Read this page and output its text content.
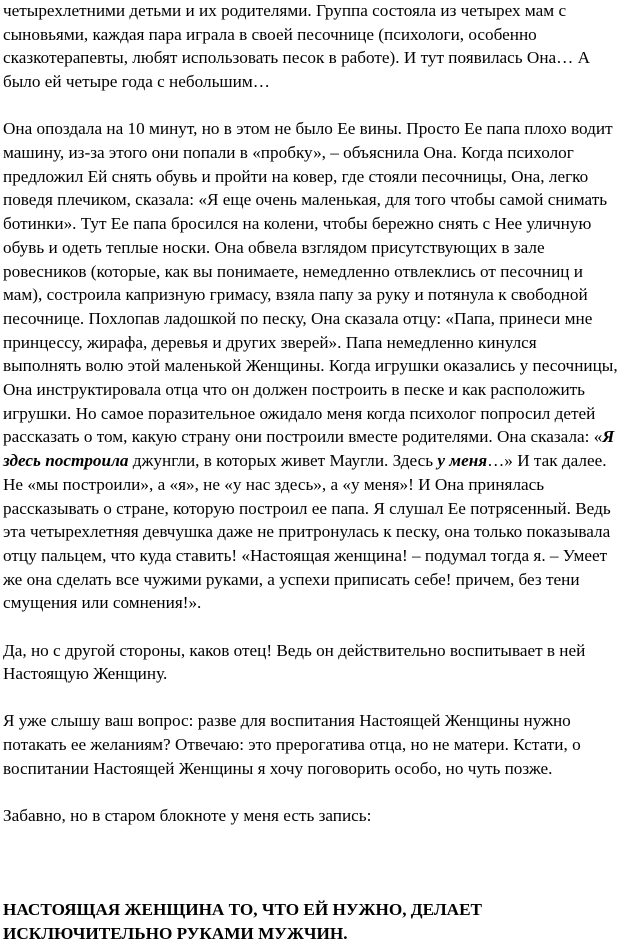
четырехлетними детьми и их родителями. Группа состояла из четырех мам с сыновьями, каждая пара играла в своей песочнице (психологи, особенно сказкотерапевты, любят использовать песок в работе). И тут появилась Она… А было ей четыре года с небольшим…

Она опоздала на 10 минут, но в этом не было Ее вины. Просто Ее папа плохо водит машину, из-за этого они попали в «пробку», – объяснила Она. Когда психолог предложил Ей снять обувь и пройти на ковер, где стояли песочницы, Она, легко поведя плечиком, сказала: «Я еще очень маленькая, для того чтобы самой снимать ботинки». Тут Ее папа бросился на колени, чтобы бережно снять с Нее уличную обувь и одеть теплые носки. Она обвела взглядом присутствующих в зале ровесников (которые, как вы понимаете, немедленно отвлеклись от песочниц и мам), состроила капризную гримасу, взяла папу за руку и потянула к свободной песочнице. Похлопав ладошкой по песку, Она сказала отцу: «Папа, принеси мне принцессу, жирафа, деревья и других зверей». Папа немедленно кинулся выполнять волю этой маленькой Женщины. Когда игрушки оказались у песочницы, Она инструктировала отца что он должен построить в песке и как расположить игрушки. Но самое поразительное ожидало меня когда психолог попросил детей рассказать о том, какую страну они построили вместе родителями. Она сказала: «Я здесь построила джунгли, в которых живет Маугли. Здесь у меня…» И так далее. Не «мы построили», а «я», не «у нас здесь», а «у меня»! И Она принялась рассказывать о стране, которую построил ее папа. Я слушал Ее потрясенный. Ведь эта четырехлетняя девчушка даже не притронулась к песку, она только показывала отцу пальцем, что куда ставить! «Настоящая женщина! – подумал тогда я. – Умеет же она сделать все чужими руками, а успехи приписать себе! причем, без тени смущения или сомнения!».

Да, но с другой стороны, каков отец! Ведь он действительно воспитывает в ней Настоящую Женщину.

Я уже слышу ваш вопрос: разве для воспитания Настоящей Женщины нужно потакать ее желаниям? Отвечаю: это прерогатива отца, но не матери. Кстати, о воспитании Настоящей Женщины я хочу поговорить особо, но чуть позже.

Забавно, но в старом блокноте у меня есть запись:

НАСТОЯЩАЯ ЖЕНЩИНА ТО, ЧТО ЕЙ НУЖНО, ДЕЛАЕТ ИСКЛЮЧИТЕЛЬНО РУКАМИ МУЖЧИН.
